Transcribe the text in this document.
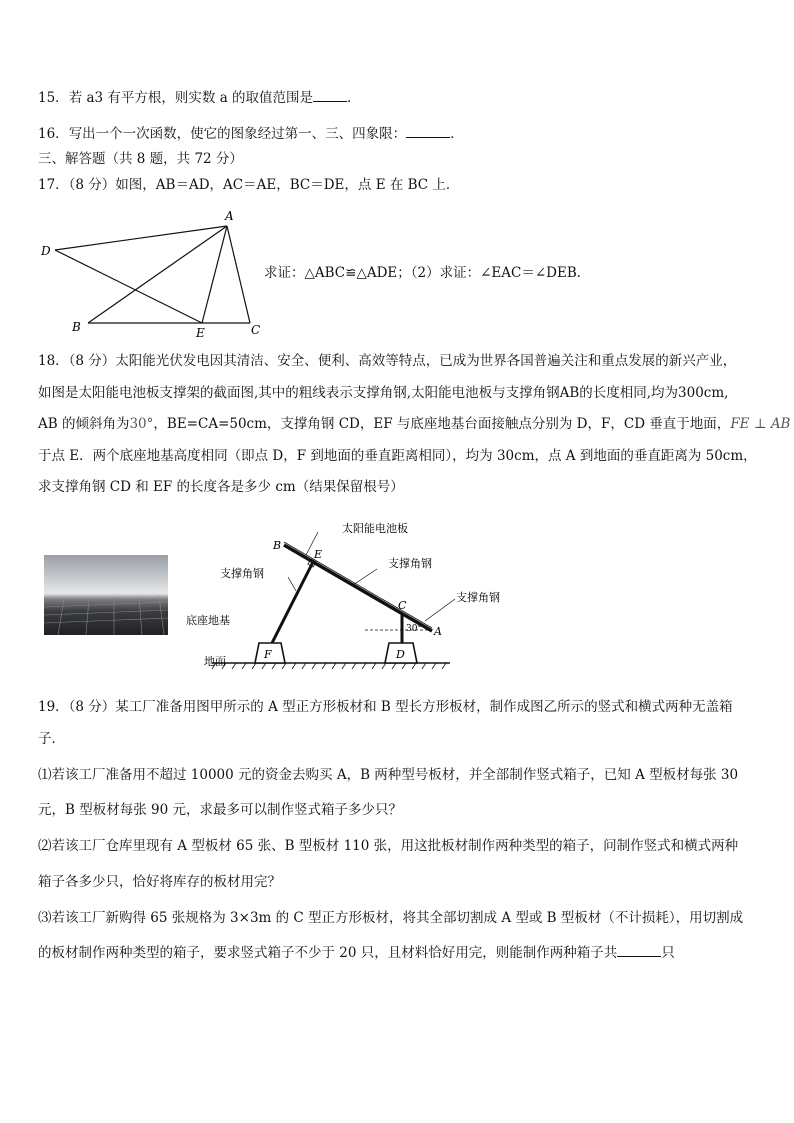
15．若 a3 有平方根，则实数 a 的取值范围是	．
16．写出一个一次函数，使它的图象经过第一、三、四象限：	．
三、解答题（共 8 题，共 72 分）
17．（8 分）如图，AB＝AD，AC＝AE，BC＝DE，点 E 在 BC 上．
A
D
B	E	C
求证：△ABC≌△ADE；（2）求证：∠EAC＝∠DEB．
18．（8 分）太阳能光伏发电因其清洁、安全、便利、高效等特点，已成为世界各国普遍关注和重点发展的新兴产业，
如图是太阳能电池板支撑架的截面图,其中的粗线表示支撑角钢,太阳能电池板与支撑角钢AB的长度相同,均为300cm,
AB 的倾斜角为30°，BE=CA=50cm，支撑角钢 CD，EF 与底座地基台面接触点分别为 D，F，CD 垂直于地面，FE ⊥ AB
于点 E．两个底座地基高度相同（即点 D，F 到地面的垂直距离相同），均为 30cm，点 A 到地面的垂直距离为 50cm，
求支撑角钢 CD 和 EF 的长度各是多少 cm（结果保留根号）
太阳能电池板
支撑角钢
支撑角钢
支撑角钢
底座地基
地面
30°
B
E
C
A
F	D
19．（8 分）某工厂准备用图甲所示的 A 型正方形板材和 B 型长方形板材，制作成图乙所示的竖式和横式两种无盖箱
子．
⑴若该工厂准备用不超过 10000 元的资金去购买 A，B 两种型号板材，并全部制作竖式箱子，已知 A 型板材每张 30
元，B 型板材每张 90 元，求最多可以制作竖式箱子多少只？
⑵若该工厂仓库里现有 A 型板材 65 张、B 型板材 110 张，用这批板材制作两种类型的箱子，问制作竖式和横式两种
箱子各多少只，恰好将库存的板材用完？
⑶若该工厂新购得 65 张规格为 3×3m 的 C 型正方形板材，将其全部切割成 A 型或 B 型板材（不计损耗），用切割成
的板材制作两种类型的箱子，要求竖式箱子不少于 20 只，且材料恰好用完，则能制作两种箱子共	只
